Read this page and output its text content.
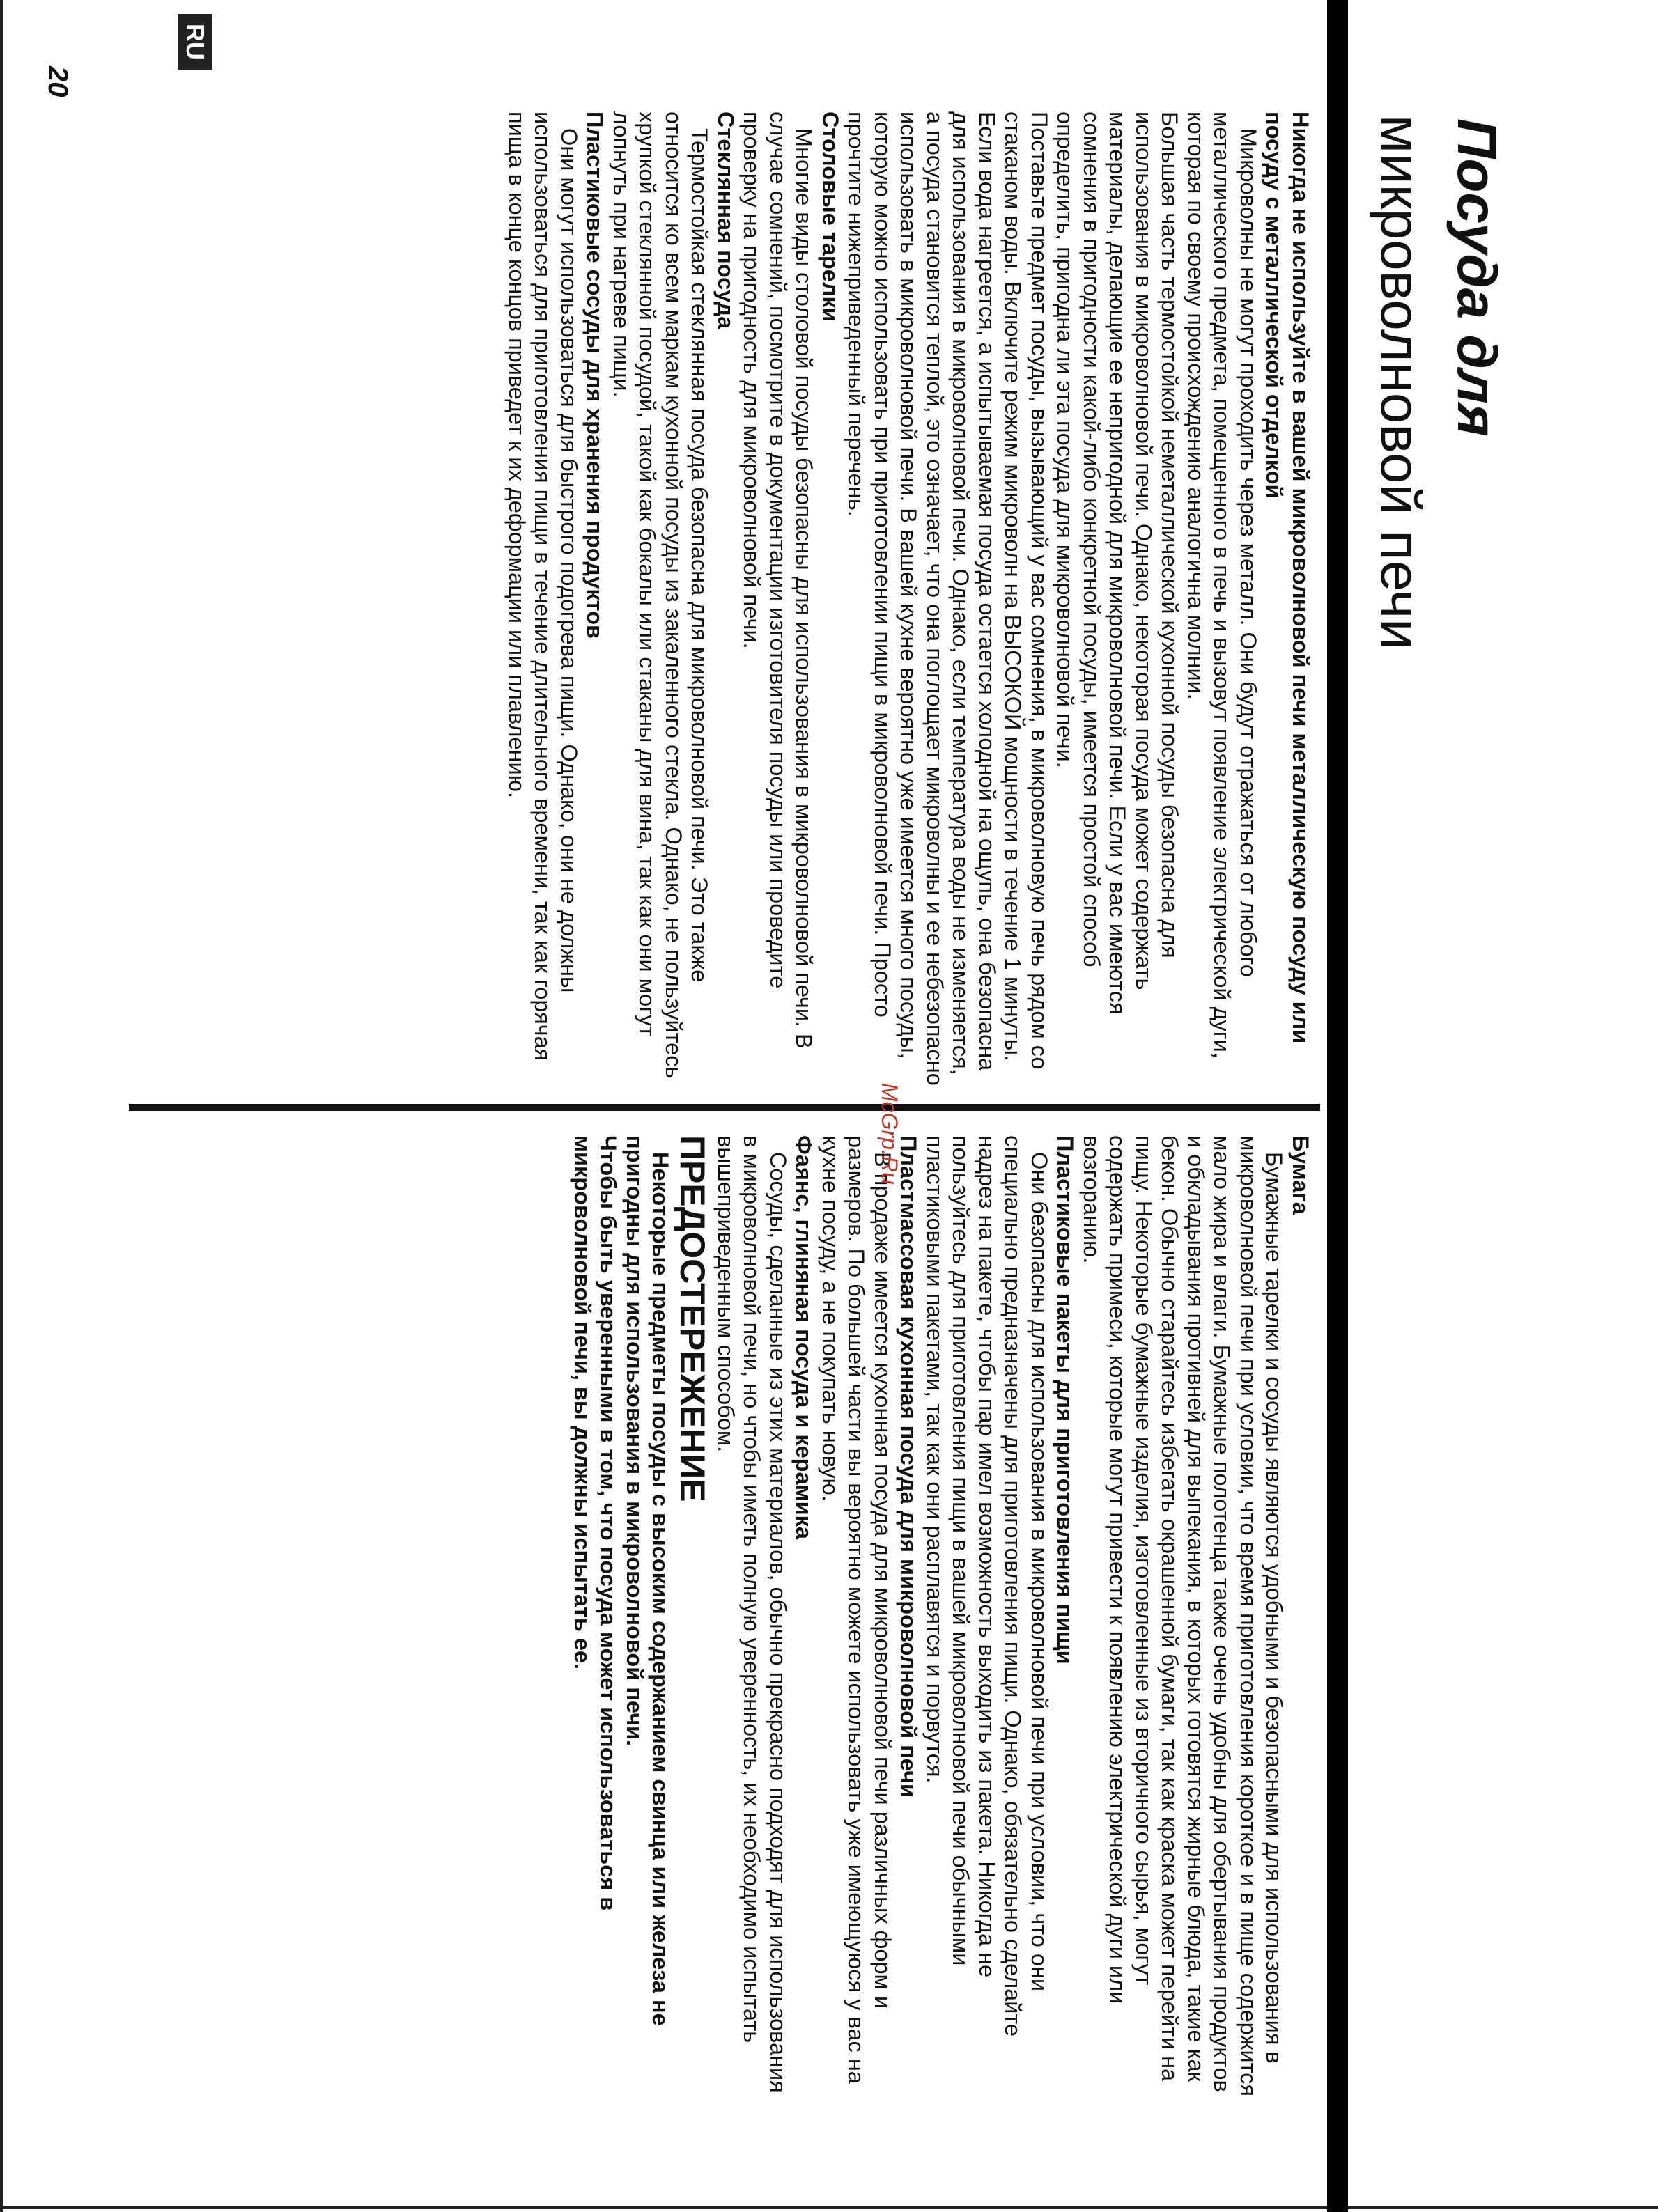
Посуда для
микроволновой печи

Никогда не используйте в вашей микроволновой печи металлическую посуду или посуду с металлической отделкой

Микроволны не могут проходить через металл. Они будут отражаться от любого металлического предмета, помещенного в печь и вызовут появление электрической дуги, которая по своему происхождению аналогична молнии.

Большая часть термостойкой неметаллической кухонной посуды безопасна для использования в микроволновой печи. Однако, некоторая посуда может содержать материалы, делающие ее непригодной для микроволновой печи. Если у вас имеются сомнения в пригодности какой-либо конкретной посуды, имеется простой способ определить, пригодна ли эта посуда для микроволновой печи.

Поставьте предмет посуды, вызывающий у вас сомнения, в микроволновую печь рядом со стаканом воды. Включите режим микроволн на ВЫСОКОЙ мощности в течение 1 минуты. Если вода нагреется, а испытываемая посуда остается холодной на ощупь, она безопасна для использования в микроволновой печи. Однако, если температура воды не изменяется, а посуда становится теплой, это означает, что она поглощает микроволны и ее небезопасно использовать в микроволновой печи. В вашей кухне вероятно уже имеется много посуды, которую можно использовать при приготовлении пищи в микроволновой печи. Просто прочтите нижеприведенный перечень.

Столовые тарелки

Многие виды столовой посуды безопасны для использования в микроволновой печи. В случае сомнений, посмотрите в документации изготовителя посуды или проведите проверку на пригодность для микроволновой печи.

Стеклянная посуда

Термостойкая стеклянная посуда безопасна для микроволновой печи. Это также относится ко всем маркам кухонной посуды из закаленного стекла. Однако, не пользуйтесь хрупкой стеклянной посудой, такой как бокалы или стаканы для вина, так как они могут лопнуть при нагреве пищи.

Пластиковые сосуды для хранения продуктов

Они могут использоваться для быстрого подогрева пищи. Однако, они не должны использоваться для приготовления пищи в течение длительного времени, так как горячая пища в конце концов приведет к их деформации или плавлению.

Бумага

Бумажные тарелки и сосуды являются удобными и безопасными для использования в микроволновой печи при условии, что время приготовления короткое и в пище содержится мало жира и влаги. Бумажные полотенца также очень удобны для обертывания продуктов и обкладывания противней для выпекания, в которых готовятся жирные блюда, такие как бекон. Обычно старайтесь избегать окрашенной бумаги, так как краска может перейти на пищу. Некоторые бумажные изделия, изготовленные из вторичного сырья, могут содержать примеси, которые могут привести к появлению электрической дуги или возгоранию.

Пластиковые пакеты для приготовления пищи

Они безопасны для использования в микроволновой печи при условии, что они специально предназначены для приготовления пищи. Однако, обязательно сделайте надрез на пакете, чтобы пар имел возможность выходить из пакета. Никогда не пользуйтесь для приготовления пищи в вашей микроволновой печи обычными пластиковыми пакетами, так как они расплавятся и порвутся.

Пластмассовая кухонная посуда для микроволновой печи

В продаже имеется кухонная посуда для микроволновой печи различных форм и размеров. По большей части вы вероятно можете использовать уже имеющуюся у вас на кухне посуду, а не покупать новую.

Фаянс, глиняная посуда и керамика

Сосуды, сделанные из этих материалов, обычно прекрасно подходят для использования в микроволновой печи, но чтобы иметь полную уверенность, их необходимо испытать вышеприведенным способом.

ПРЕДОСТЕРЕЖЕНИЕ

Некоторые предметы посуды с высоким содержанием свинца или железа не пригодны для использования в микроволновой печи.

Чтобы быть уверенными в том, что посуда может использоваться в микроволновой печи, вы должны испытать ее.

RU
20
McGrp.Ru
